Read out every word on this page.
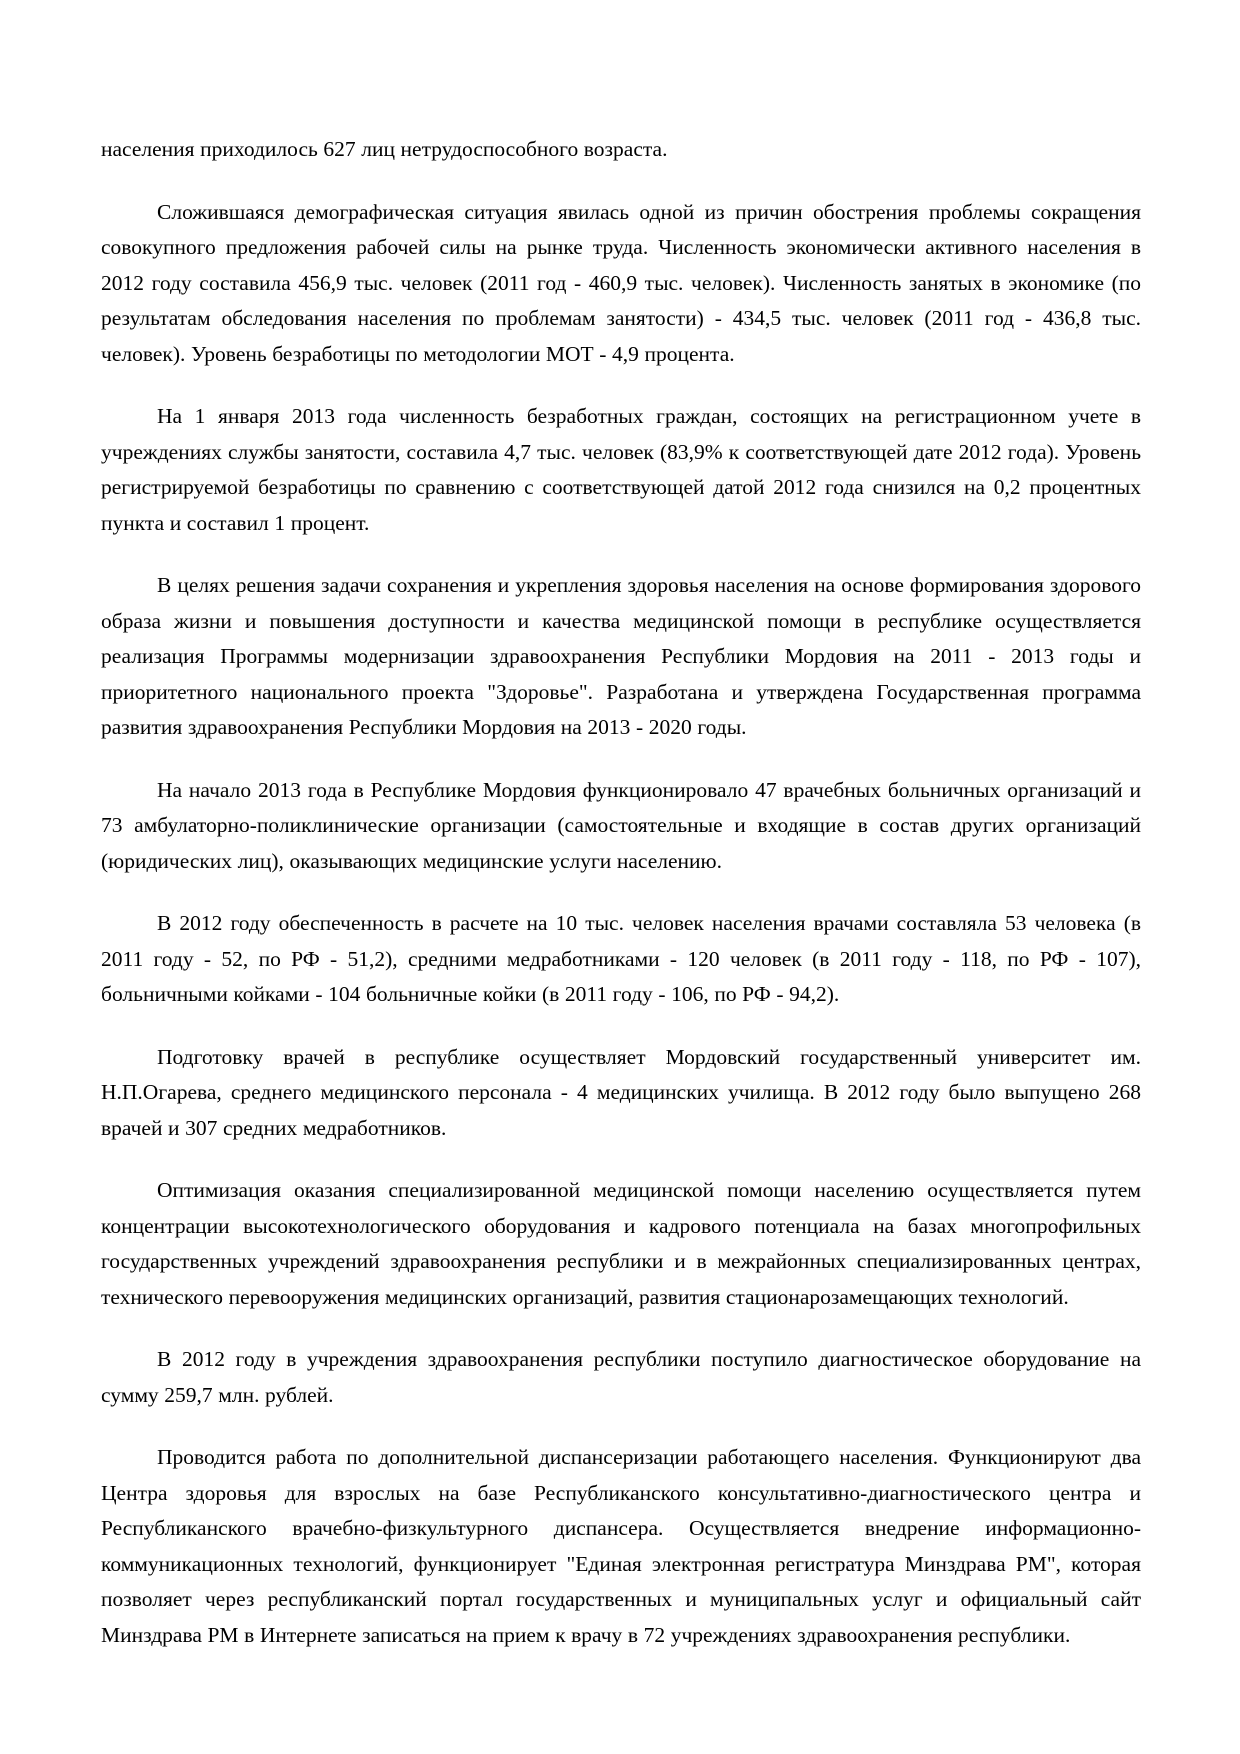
населения приходилось 627 лиц нетрудоспособного возраста.

Сложившаяся демографическая ситуация явилась одной из причин обострения проблемы сокращения совокупного предложения рабочей силы на рынке труда. Численность экономически активного населения в 2012 году составила 456,9 тыс. человек (2011 год - 460,9 тыс. человек). Численность занятых в экономике (по результатам обследования населения по проблемам занятости) - 434,5 тыс. человек (2011 год - 436,8 тыс. человек). Уровень безработицы по методологии МОТ - 4,9 процента.

На 1 января 2013 года численность безработных граждан, состоящих на регистрационном учете в учреждениях службы занятости, составила 4,7 тыс. человек (83,9% к соответствующей дате 2012 года). Уровень регистрируемой безработицы по сравнению с соответствующей датой 2012 года снизился на 0,2 процентных пункта и составил 1 процент.

В целях решения задачи сохранения и укрепления здоровья населения на основе формирования здорового образа жизни и повышения доступности и качества медицинской помощи в республике осуществляется реализация Программы модернизации здравоохранения Республики Мордовия на 2011 - 2013 годы и приоритетного национального проекта "Здоровье". Разработана и утверждена Государственная программа развития здравоохранения Республики Мордовия на 2013 - 2020 годы.

На начало 2013 года в Республике Мордовия функционировало 47 врачебных больничных организаций и 73 амбулаторно-поликлинические организации (самостоятельные и входящие в состав других организаций (юридических лиц), оказывающих медицинские услуги населению.

В 2012 году обеспеченность в расчете на 10 тыс. человек населения врачами составляла 53 человека (в 2011 году - 52, по РФ - 51,2), средними медработниками - 120 человек (в 2011 году - 118, по РФ - 107), больничными койками - 104 больничные койки (в 2011 году - 106, по РФ - 94,2).

Подготовку врачей в республике осуществляет Мордовский государственный университет им. Н.П.Огарева, среднего медицинского персонала - 4 медицинских училища. В 2012 году было выпущено 268 врачей и 307 средних медработников.

Оптимизация оказания специализированной медицинской помощи населению осуществляется путем концентрации высокотехнологического оборудования и кадрового потенциала на базах многопрофильных государственных учреждений здравоохранения республики и в межрайонных специализированных центрах, технического перевооружения медицинских организаций, развития стационарозамещающих технологий.

В 2012 году в учреждения здравоохранения республики поступило диагностическое оборудование на сумму 259,7 млн. рублей.

Проводится работа по дополнительной диспансеризации работающего населения. Функционируют два Центра здоровья для взрослых на базе Республиканского консультативно-диагностического центра и Республиканского врачебно-физкультурного диспансера. Осуществляется внедрение информационно-коммуникационных технологий, функционирует "Единая электронная регистратура Минздрава РМ", которая позволяет через республиканский портал государственных и муниципальных услуг и официальный сайт Минздрава РМ в Интернете записаться на прием к врачу в 72 учреждениях здравоохранения республики.
